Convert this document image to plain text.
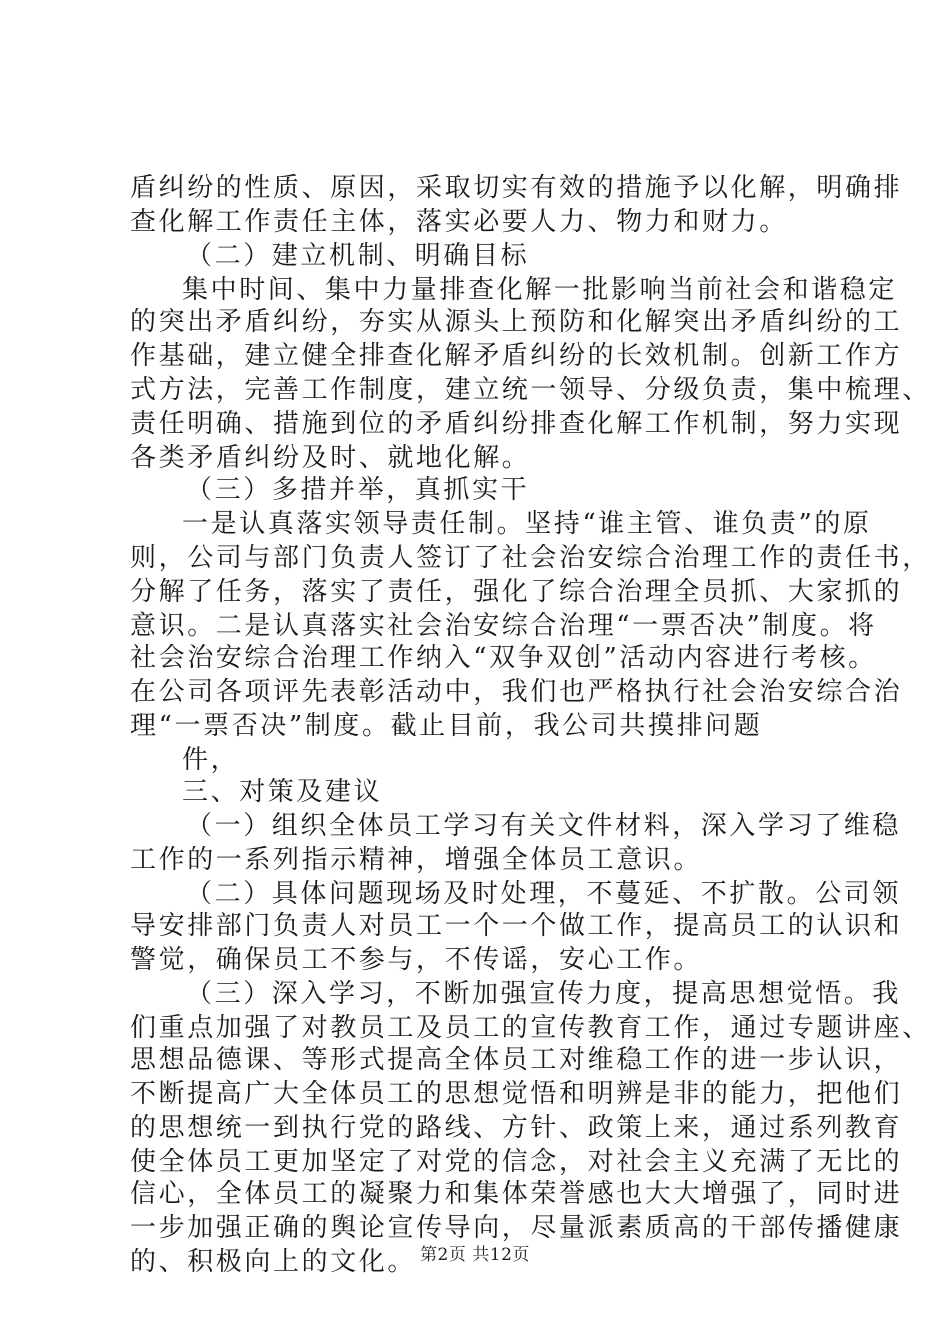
盾纠纷的性质、原因，采取切实有效的措施予以化解，明确排
查化解工作责任主体，落实必要人力、物力和财力。
（二）建立机制、明确目标
集中时间、集中力量排查化解一批影响当前社会和谐稳定
的突出矛盾纠纷，夯实从源头上预防和化解突出矛盾纠纷的工
作基础，建立健全排查化解矛盾纠纷的长效机制。创新工作方
式方法，完善工作制度，建立统一领导、分级负责，集中梳理、
责任明确、措施到位的矛盾纠纷排查化解工作机制，努力实现
各类矛盾纠纷及时、就地化解。
（三）多措并举，真抓实干
一是认真落实领导责任制。坚持“谁主管、谁负责”的原
则，公司与部门负责人签订了社会治安综合治理工作的责任书，
分解了任务，落实了责任，强化了综合治理全员抓、大家抓的
意识。二是认真落实社会治安综合治理“一票否决”制度。将
社会治安综合治理工作纳入“双争双创”活动内容进行考核。
在公司各项评先表彰活动中，我们也严格执行社会治安综合治
理“一票否决”制度。截止目前，我公司共摸排问题
件，
三、对策及建议
（一）组织全体员工学习有关文件材料，深入学习了维稳
工作的一系列指示精神，增强全体员工意识。
（二）具体问题现场及时处理，不蔓延、不扩散。公司领
导安排部门负责人对员工一个一个做工作，提高员工的认识和
警觉，确保员工不参与，不传谣，安心工作。
（三）深入学习，不断加强宣传力度，提高思想觉悟。我
们重点加强了对教员工及员工的宣传教育工作，通过专题讲座、
思想品德课、等形式提高全体员工对维稳工作的进一步认识，
不断提高广大全体员工的思想觉悟和明辨是非的能力，把他们
的思想统一到执行党的路线、方针、政策上来，通过系列教育
使全体员工更加坚定了对党的信念，对社会主义充满了无比的
信心，全体员工的凝聚力和集体荣誉感也大大增强了，同时进
一步加强正确的舆论宣传导向，尽量派素质高的干部传播健康
的、积极向上的文化。 第2页 共12页
